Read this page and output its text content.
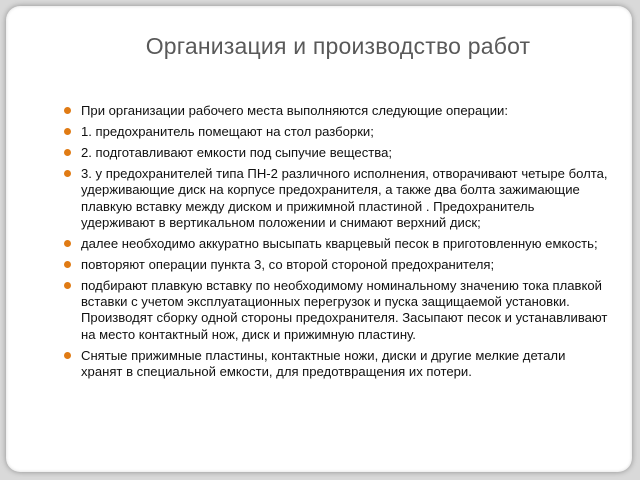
Организация и производство работ
При организации рабочего места выполняются следующие операции:
1. предохранитель помещают на стол разборки;
2. подготавливают емкости под сыпучие вещества;
3. у предохранителей типа ПН-2 различного исполнения, отворачивают четыре болта, удерживающие диск на корпусе предохранителя, а также два болта зажимающие плавкую вставку между диском и прижимной пластиной . Предохранитель удерживают в вертикальном положении и снимают верхний диск;
далее необходимо аккуратно высыпать кварцевый песок в приготовленную емкость;
повторяют операции пункта 3, со второй стороной предохранителя;
подбирают плавкую вставку по необходимому номинальному значению тока плавкой вставки с учетом эксплуатационных перегрузок и пуска защищаемой установки. Производят сборку одной стороны предохранителя. Засыпают песок и устанавливают на место контактный нож, диск и прижимную пластину.
Снятые прижимные пластины, контактные ножи, диски и другие мелкие детали хранят в специальной емкости, для предотвращения их потери.
